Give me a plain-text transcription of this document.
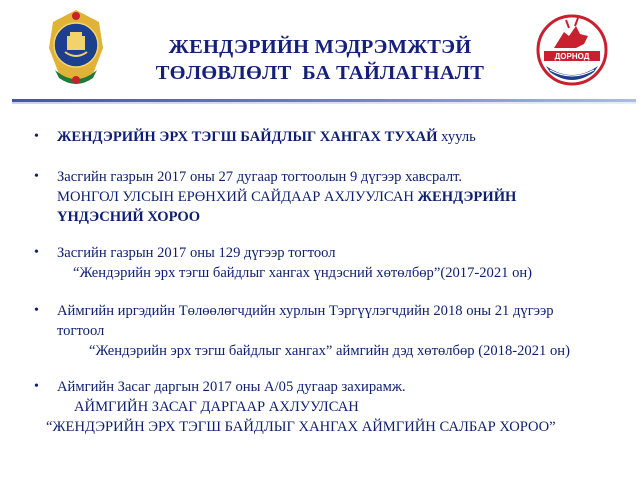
ДОРНОД
ЖЕНДЭРИЙН МЭДРЭМЖТЭЙ
ТӨЛӨВЛӨЛТ  БА ТАЙЛАГНАЛТ
• ЖЕНДЭРИЙН ЭРХ ТЭГШ БАЙДЛЫГ ХАНГАХ ТУХАЙ хууль
• Засгийн газрын 2017 оны 27 дугаар тогтоолын 9 дүгээр хавсралт.
МОНГОЛ УЛСЫН ЕРӨНХИЙ САЙДААР АХЛУУЛСАН ЖЕНДЭРИЙН
ҮНДЭСНИЙ ХОРОО
• Засгийн газрын 2017 оны 129 дүгээр тогтоол
“Жендэрийн эрх тэгш байдлыг хангах үндэсний хөтөлбөр”(2017-2021 он)
• Аймгийн иргэдийн Төлөөлөгчдийн хурлын Тэргүүлэгчдийн 2018 оны 21 дүгээр
тогтоол
“Жендэрийн эрх тэгш байдлыг хангах” аймгийн дэд хөтөлбөр (2018-2021 он)
• Аймгийн Засаг даргын 2017 оны А/05 дугаар захирамж.
АЙМГИЙН ЗАСАГ ДАРГААР АХЛУУЛСАН
“ЖЕНДЭРИЙН ЭРХ ТЭГШ БАЙДЛЫГ ХАНГАХ АЙМГИЙН САЛБАР ХОРОО”
